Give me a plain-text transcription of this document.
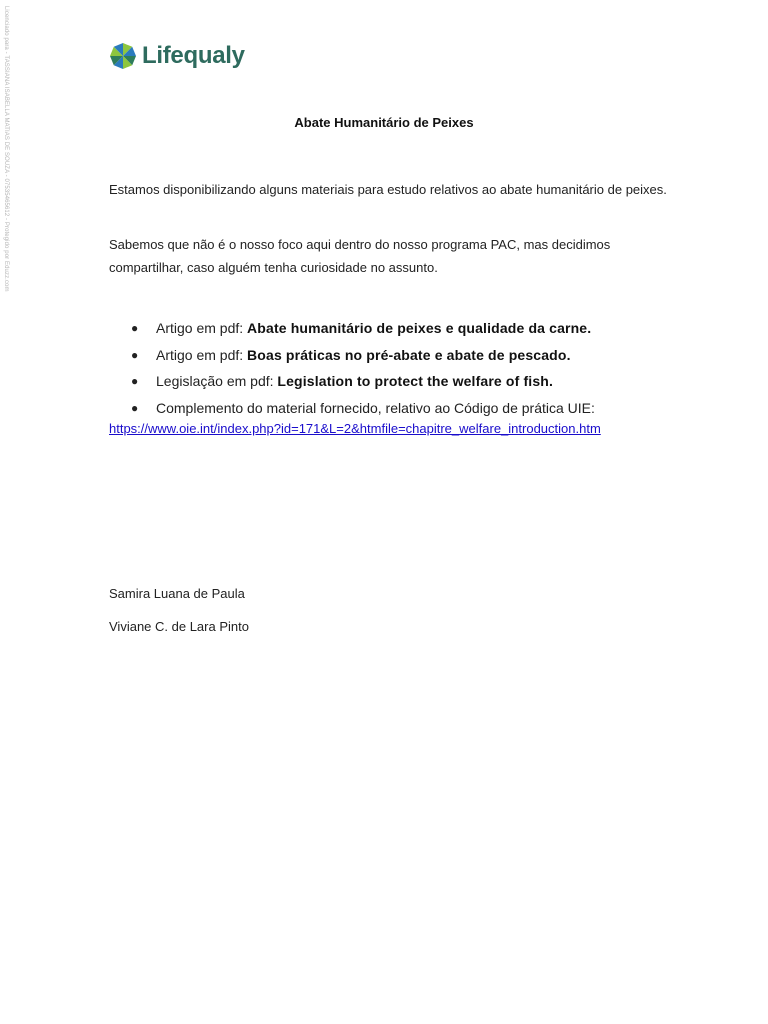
Licenciado para - TASSIANA ISABELLA MATIAS DE SOUZA - 07535465612 - Protegido por Eduzz.com	Lifequaly
Abate Humanitário de Peixes

Estamos disponibilizando alguns materiais para estudo relativos ao abate humanitário de peixes.

Sabemos que não é o nosso foco aqui dentro do nosso programa PAC, mas decidimos compartilhar, caso alguém tenha curiosidade no assunto.

● Artigo em pdf: Abate humanitário de peixes e qualidade da carne.
● Artigo em pdf: Boas práticas no pré-abate e abate de pescado.
● Legislação em pdf: Legislation to protect the welfare of fish.
● Complemento do material fornecido, relativo ao Código de prática UIE:
https://www.oie.int/index.php?id=171&L=2&htmfile=chapitre_welfare_introduction.htm
Samira Luana de Paula
Viviane C. de Lara Pinto
